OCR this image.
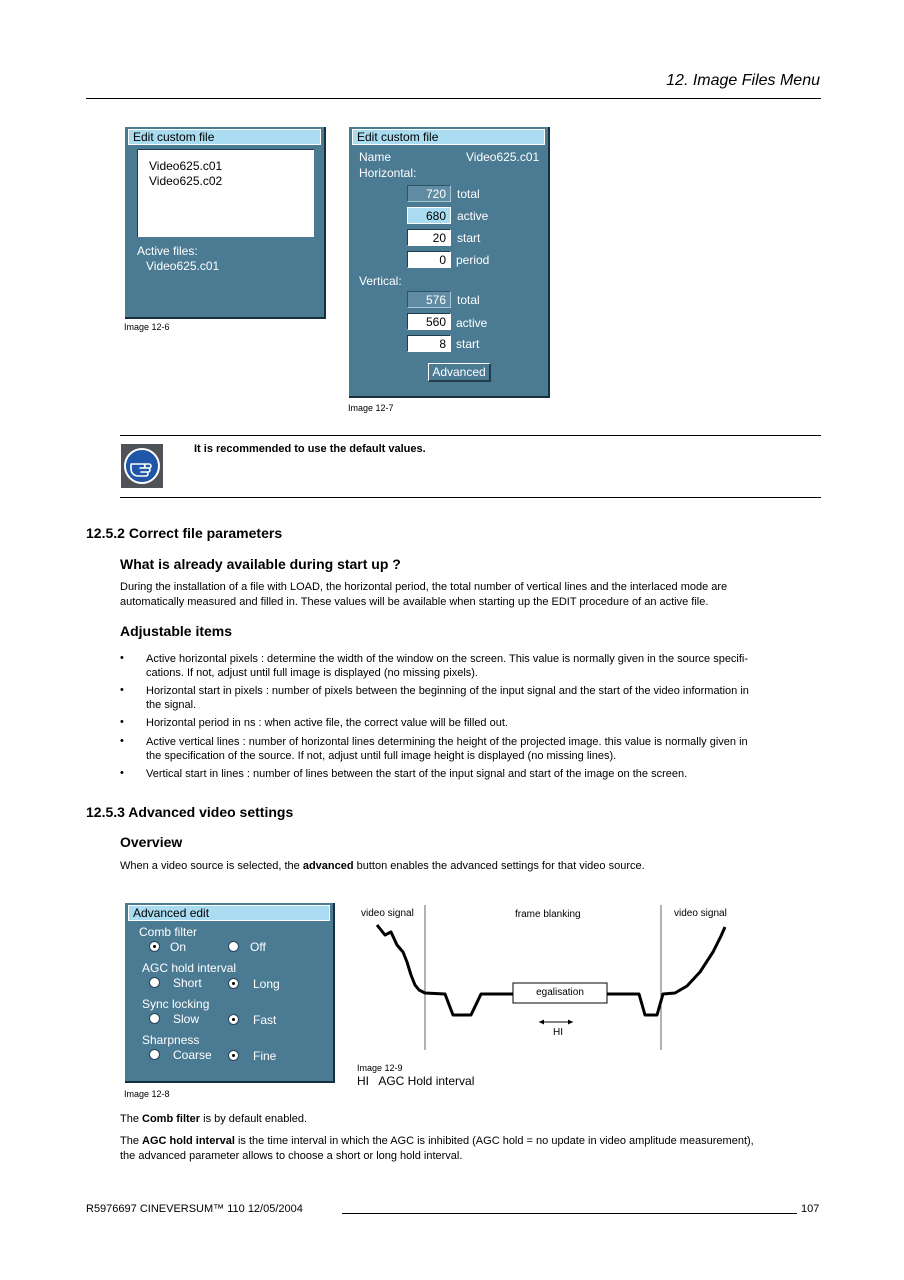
12. Image Files Menu
Edit custom file
Video625.c01
Video625.c02
Active files:
Video625.c01
Image 12-6
Edit custom file
Name	Video625.c01
Horizontal:
720 total
680 active
20 start
0 period
Vertical:
576 total
560 active
8 start
Advanced
Image 12-7
It is recommended to use the default values.
12.5.2 Correct file parameters
What is already available during start up ?
During the installation of a file with LOAD, the horizontal period, the total number of vertical lines and the interlaced mode are
automatically measured and filled in. These values will be available when starting up the EDIT procedure of an active file.
Adjustable items
• Active horizontal pixels : determine the width of the window on the screen. This value is normally given in the source specifi-
cations. If not, adjust until full image is displayed (no missing pixels).
• Horizontal start in pixels : number of pixels between the beginning of the input signal and the start of the video information in
the signal.
• Horizontal period in ns : when active file, the correct value will be filled out.
• Active vertical lines : number of horizontal lines determining the height of the projected image. this value is normally given in
the specification of the source. If not, adjust until full image height is displayed (no missing lines).
• Vertical start in lines : number of lines between the start of the input signal and start of the image on the screen.
12.5.3 Advanced video settings
Overview
When a video source is selected, the advanced button enables the advanced settings for that video source.
Advanced edit
Comb filter
On	Off
AGC hold interval
Short	Long
Sync locking
Slow	Fast
Sharpness
Coarse	Fine
Image 12-8
video signal	frame blanking	video signal
egalisation
HI
Image 12-9
HI   AGC Hold interval
The Comb filter is by default enabled.
The AGC hold interval is the time interval in which the AGC is inhibited (AGC hold = no update in video amplitude measurement),
the advanced parameter allows to choose a short or long hold interval.
R5976697 CINEVERSUM™ 110 12/05/2004	107
